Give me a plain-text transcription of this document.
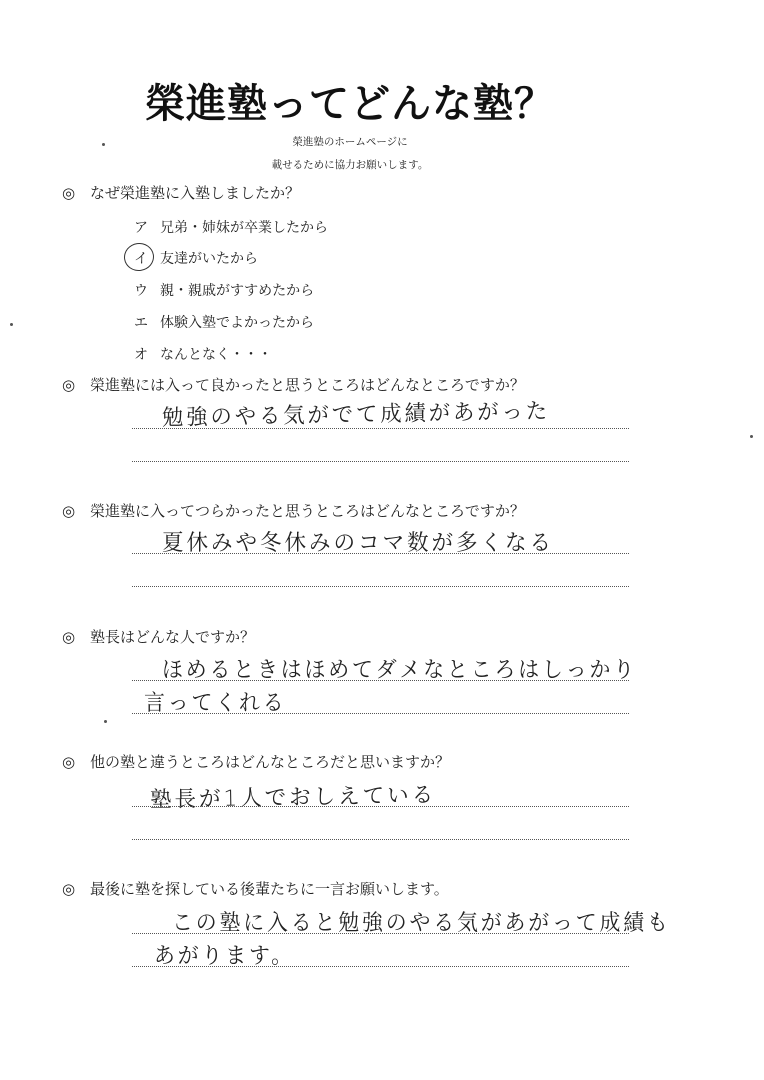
榮進塾ってどんな塾？
榮進塾のホームページに
載せるために協力お願いします。
◎ なぜ榮進塾に入塾しましたか？
ア 兄弟・姉妹が卒業したから
イ 友達がいたから
ウ 親・親戚がすすめたから
エ 体験入塾でよかったから
オ なんとなく・・・
◎ 榮進塾には入って良かったと思うところはどんなところですか？
勉強のやる気がでて成績があがった
◎ 榮進塾に入ってつらかったと思うところはどんなところですか？
夏休みや冬休みのコマ数が多くなる
◎ 塾長はどんな人ですか？
ほめるときはほめてダメなところはしっかり
言ってくれる
◎ 他の塾と違うところはどんなところだと思いますか？
塾長が1人でおしえている
◎ 最後に塾を探している後輩たちに一言お願いします。
この塾に入ると勉強のやる気があがって成績も
あがります。
